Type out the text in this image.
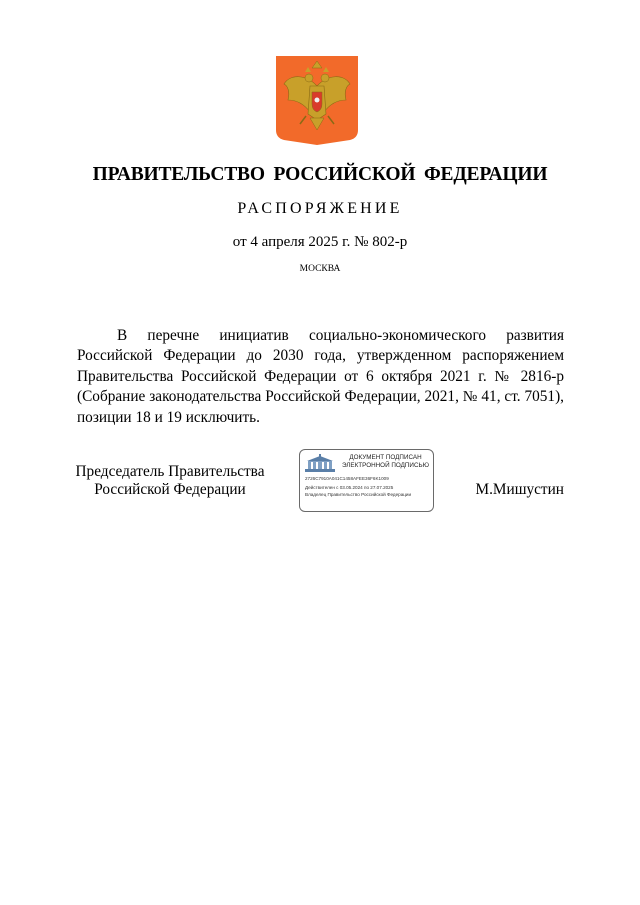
ПРАВИТЕЛЬСТВО РОССИЙСКОЙ ФЕДЕРАЦИИ
РАСПОРЯЖЕНИЕ
от 4 апреля 2025 г. № 802-р
МОСКВА
В перечне инициатив социально-экономического развития Российской Федерации до 2030 года, утвержденном распоряжением Правительства Российской Федерации от 6 октября 2021 г. № 2816-р (Собрание законодательства Российской Федерации, 2021, № 41, ст. 7051), позиции 18 и 19 исключить.
Председатель Правительства
Российской Федерации
ДОКУМЕНТ ПОДПИСАН
ЭЛЕКТРОННОЙ ПОДПИСЬЮ
2726C7910A041C1458AFEE36F6K1009
Действителен с 03.05.2024 по 27.07.2025
Владелец Правительство Российской Федерации	М.Мишустин
